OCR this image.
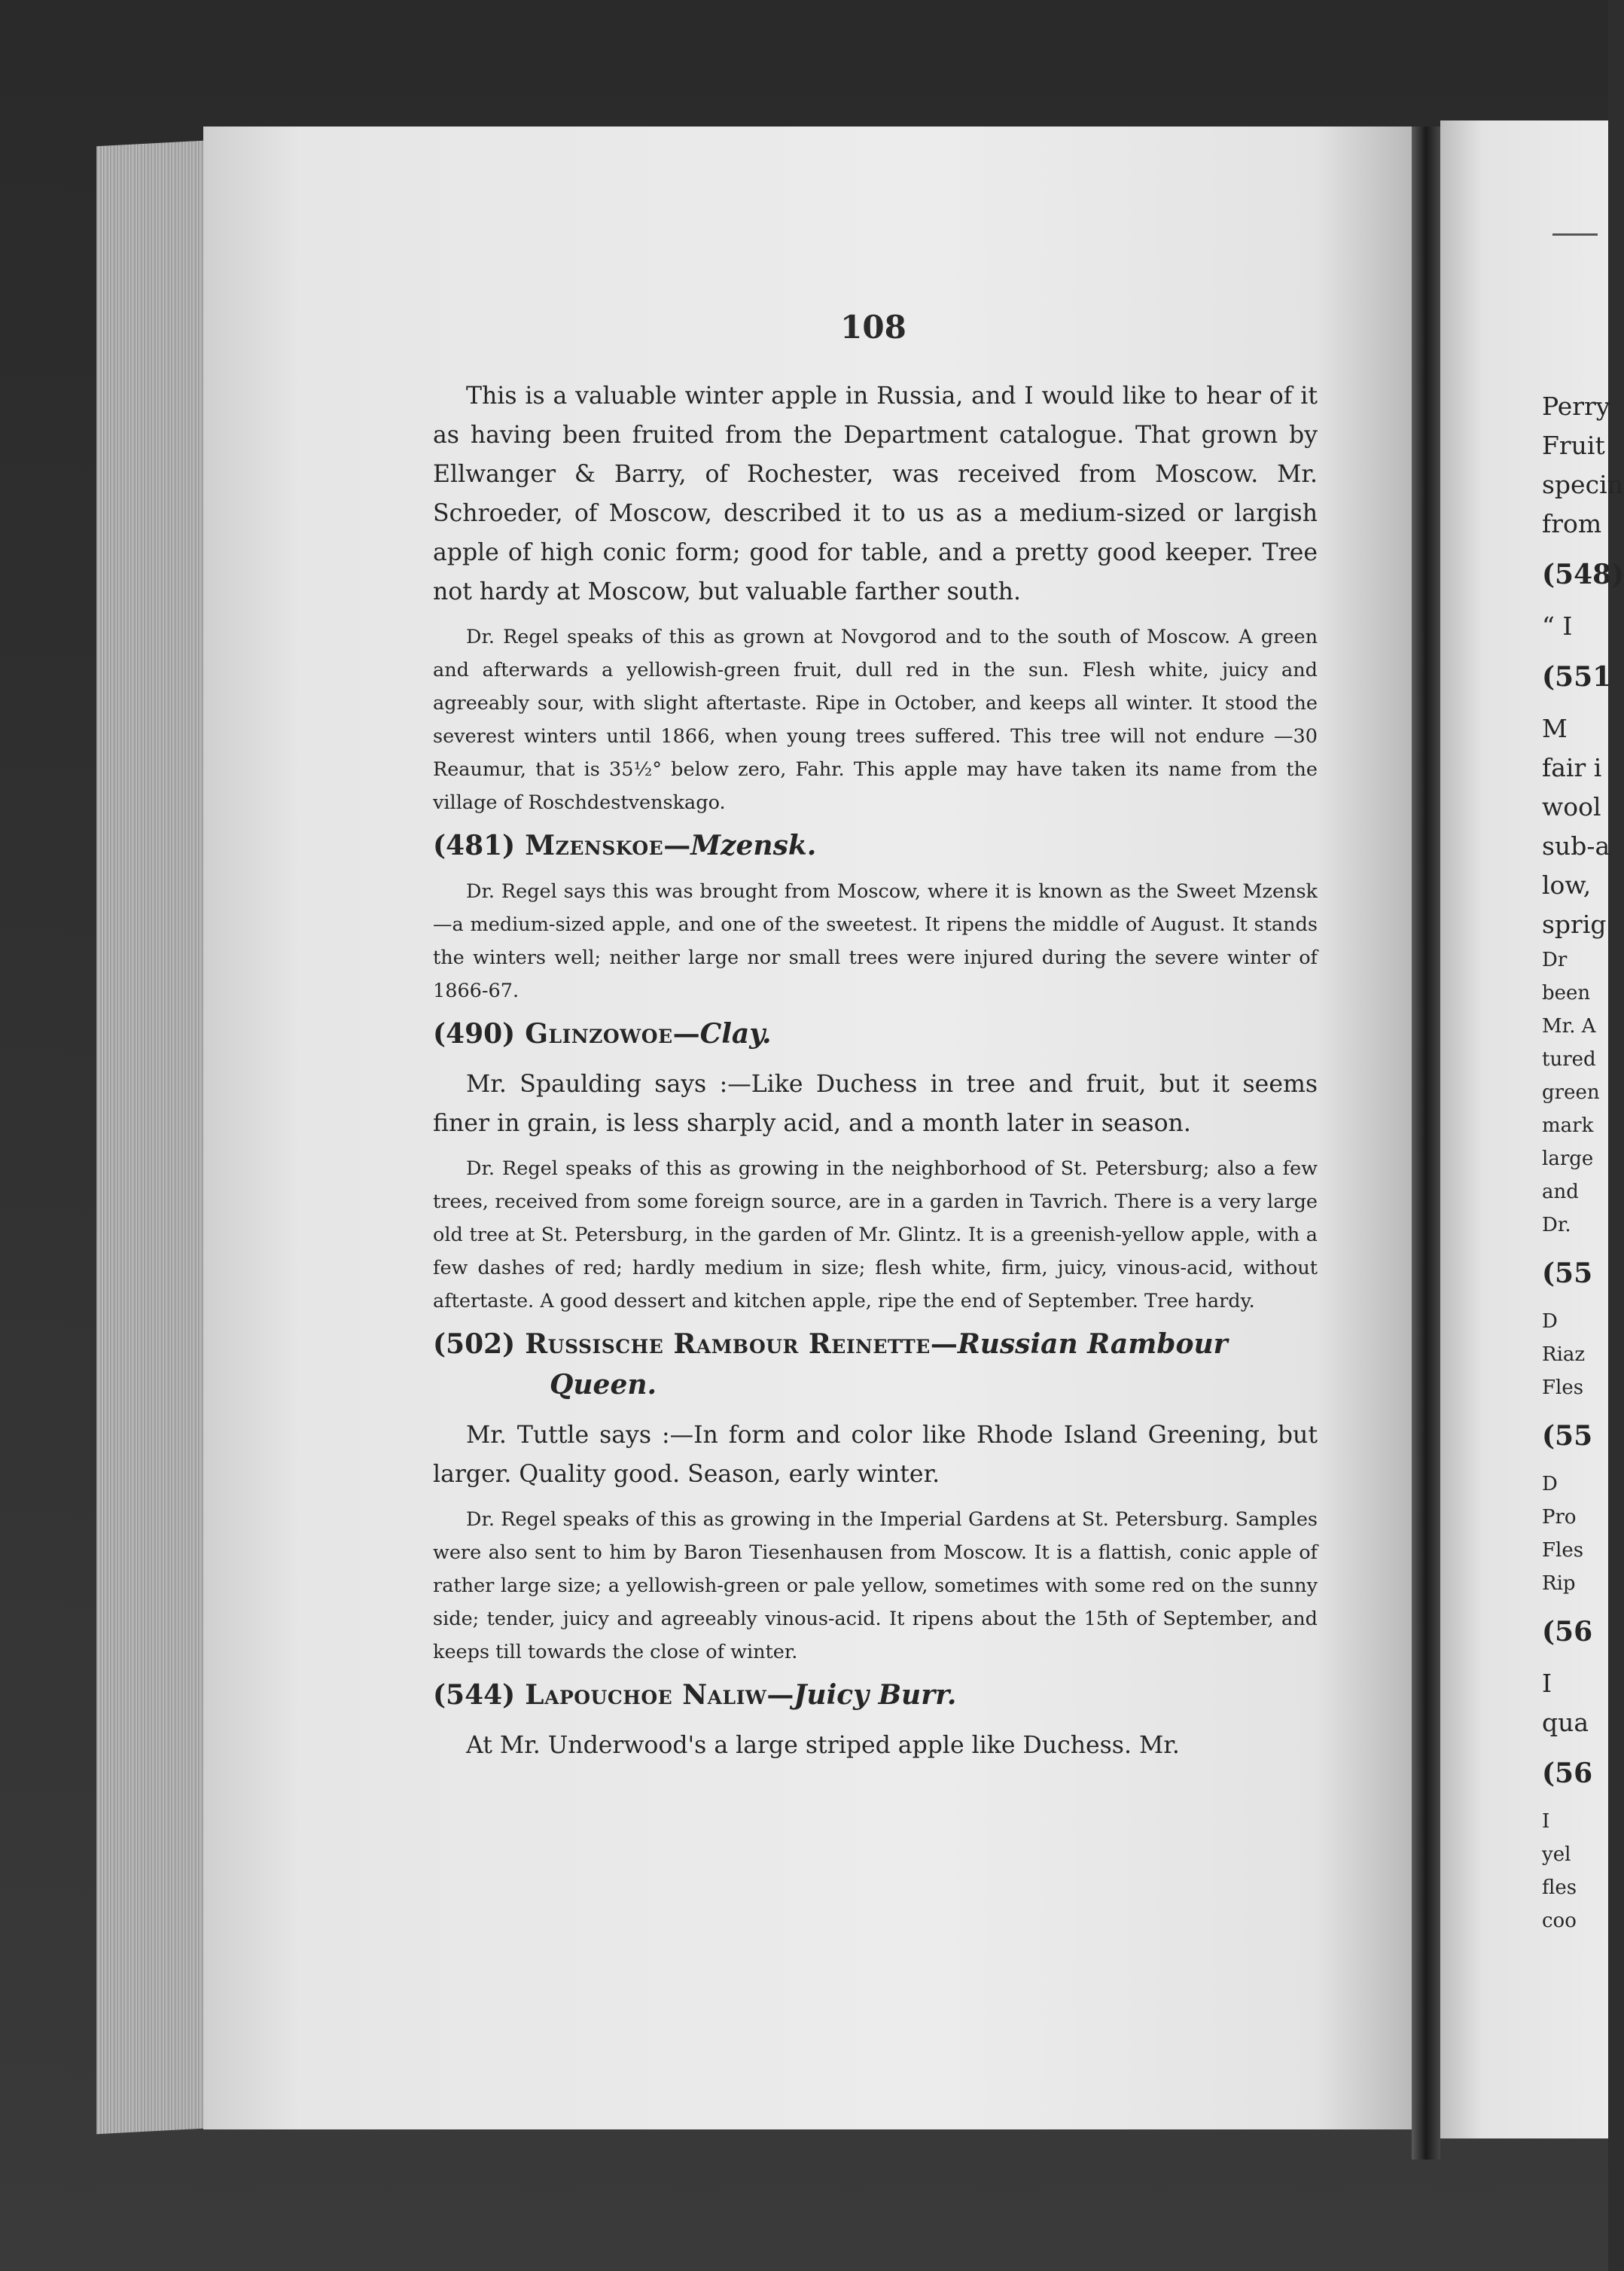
108

This is a valuable winter apple in Russia, and I would like to hear of it as having been fruited from the Department catalogue. That grown by Ellwanger & Barry, of Rochester, was received from Moscow. Mr. Schroeder, of Moscow, described it to us as a medium-sized or largish apple of high conic form; good for table, and a pretty good keeper. Tree not hardy at Moscow, but valuable farther south.

Dr. Regel speaks of this as grown at Novgorod and to the south of Moscow. A green and afterwards a yellowish-green fruit, dull red in the sun. Flesh white, juicy and agreeably sour, with slight aftertaste. Ripe in October, and keeps all winter. It stood the severest winters until 1866, when young trees suffered. This tree will not endure —30 Reaumur, that is 35½° below zero, Fahr. This apple may have taken its name from the village of Roschdestvenskago.

(481) Mzenskoe—Mzensk.

Dr. Regel says this was brought from Moscow, where it is known as the Sweet Mzensk—a medium-sized apple, and one of the sweetest. It ripens the middle of August. It stands the winters well; neither large nor small trees were injured during the severe winter of 1866-67.

(490) Glinzowoe—Clay.

Mr. Spaulding says :—Like Duchess in tree and fruit, but it seems finer in grain, is less sharply acid, and a month later in season.

Dr. Regel speaks of this as growing in the neighborhood of St. Petersburg; also a few trees, received from some foreign source, are in a garden in Tavrich. There is a very large old tree at St. Petersburg, in the garden of Mr. Glintz. It is a greenish-yellow apple, with a few dashes of red; hardly medium in size; flesh white, firm, juicy, vinous-acid, without aftertaste. A good dessert and kitchen apple, ripe the end of September. Tree hardy.

(502) Russische Rambour Reinette—Russian Rambour Queen.

Mr. Tuttle says :—In form and color like Rhode Island Greening, but larger. Quality good. Season, early winter.

Dr. Regel speaks of this as growing in the Imperial Gardens at St. Petersburg. Samples were also sent to him by Baron Tiesenhausen from Moscow. It is a flattish, conic apple of rather large size; a yellowish-green or pale yellow, sometimes with some red on the sunny side; tender, juicy and agreeably vinous-acid. It ripens about the 15th of September, and keeps till towards the close of winter.

(544) Lapouchoe Naliw—Juicy Burr.

At Mr. Underwood's a large striped apple like Duchess. Mr.

Perry
Fruit
specin
from
(548)
“ I
(551
M
fair i
wool
sub-a
low,
sprig
Dr
been
Mr. A
tured
green
mark
large
and
Dr.
(55
D
Riaz
Fles
(55
D
Pro
Fles
Rip
(56
I
qua
(56
I
yel
fles
coo
